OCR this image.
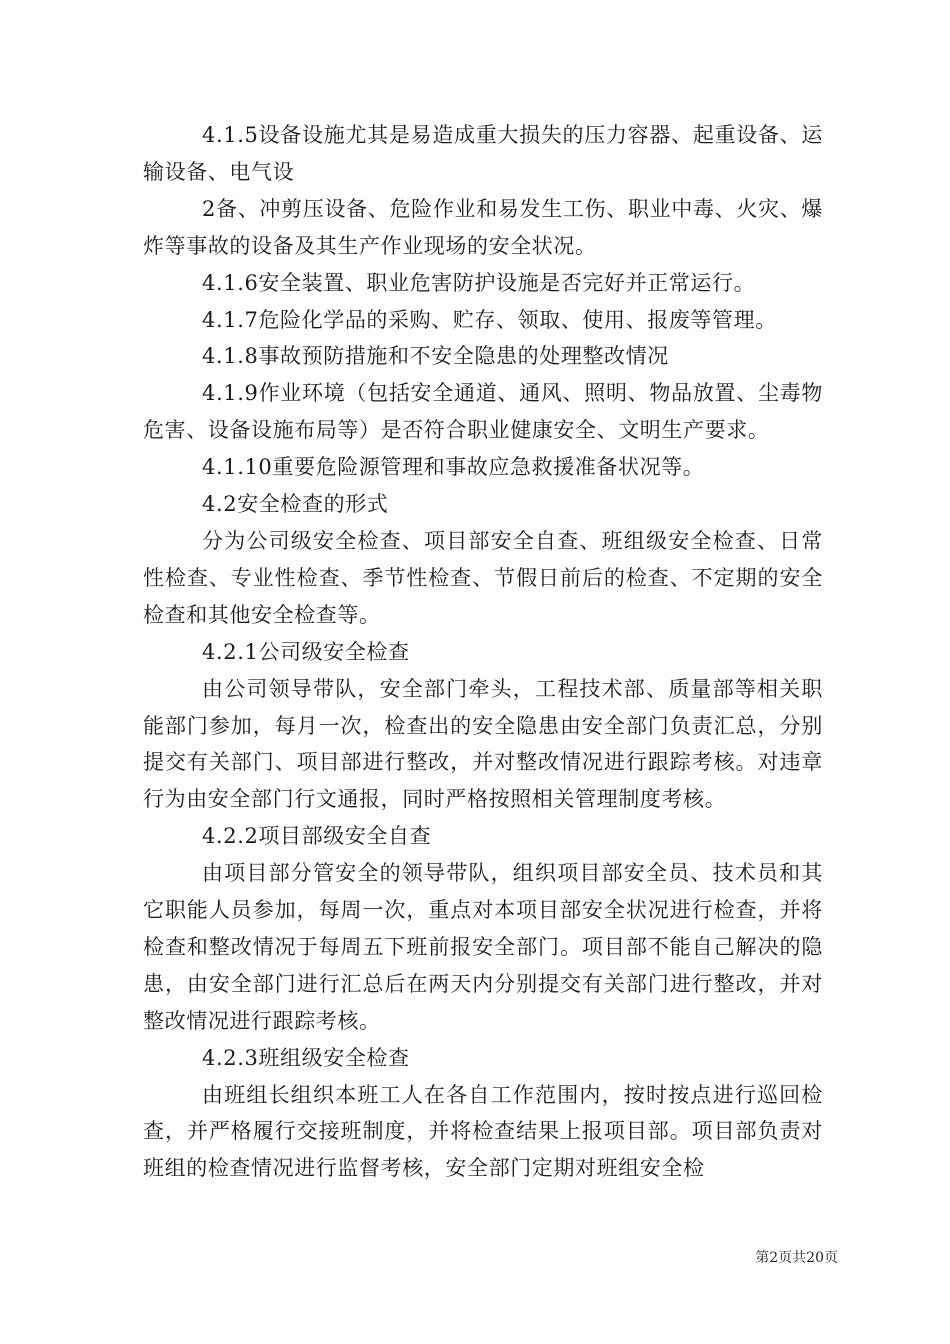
4.1.5设备设施尤其是易造成重大损失的压力容器、起重设备、运输设备、电气设

2备、冲剪压设备、危险作业和易发生工伤、职业中毒、火灾、爆炸等事故的设备及其生产作业现场的安全状况。

4.1.6安全装置、职业危害防护设施是否完好并正常运行。

4.1.7危险化学品的采购、贮存、领取、使用、报废等管理。

4.1.8事故预防措施和不安全隐患的处理整改情况

4.1.9作业环境（包括安全通道、通风、照明、物品放置、尘毒物危害、设备设施布局等）是否符合职业健康安全、文明生产要求。

4.1.10重要危险源管理和事故应急救援准备状况等。

4.2安全检查的形式

分为公司级安全检查、项目部安全自查、班组级安全检查、日常性检查、专业性检查、季节性检查、节假日前后的检查、不定期的安全检查和其他安全检查等。

4.2.1公司级安全检查

由公司领导带队，安全部门牵头，工程技术部、质量部等相关职能部门参加，每月一次，检查出的安全隐患由安全部门负责汇总，分别提交有关部门、项目部进行整改，并对整改情况进行跟踪考核。对违章行为由安全部门行文通报，同时严格按照相关管理制度考核。

4.2.2项目部级安全自查

由项目部分管安全的领导带队，组织项目部安全员、技术员和其它职能人员参加，每周一次，重点对本项目部安全状况进行检查，并将检查和整改情况于每周五下班前报安全部门。项目部不能自己解决的隐患，由安全部门进行汇总后在两天内分别提交有关部门进行整改，并对整改情况进行跟踪考核。

4.2.3班组级安全检查

由班组长组织本班工人在各自工作范围内，按时按点进行巡回检查，并严格履行交接班制度，并将检查结果上报项目部。项目部负责对班组的检查情况进行监督考核，安全部门定期对班组安全检

第2页共20页
